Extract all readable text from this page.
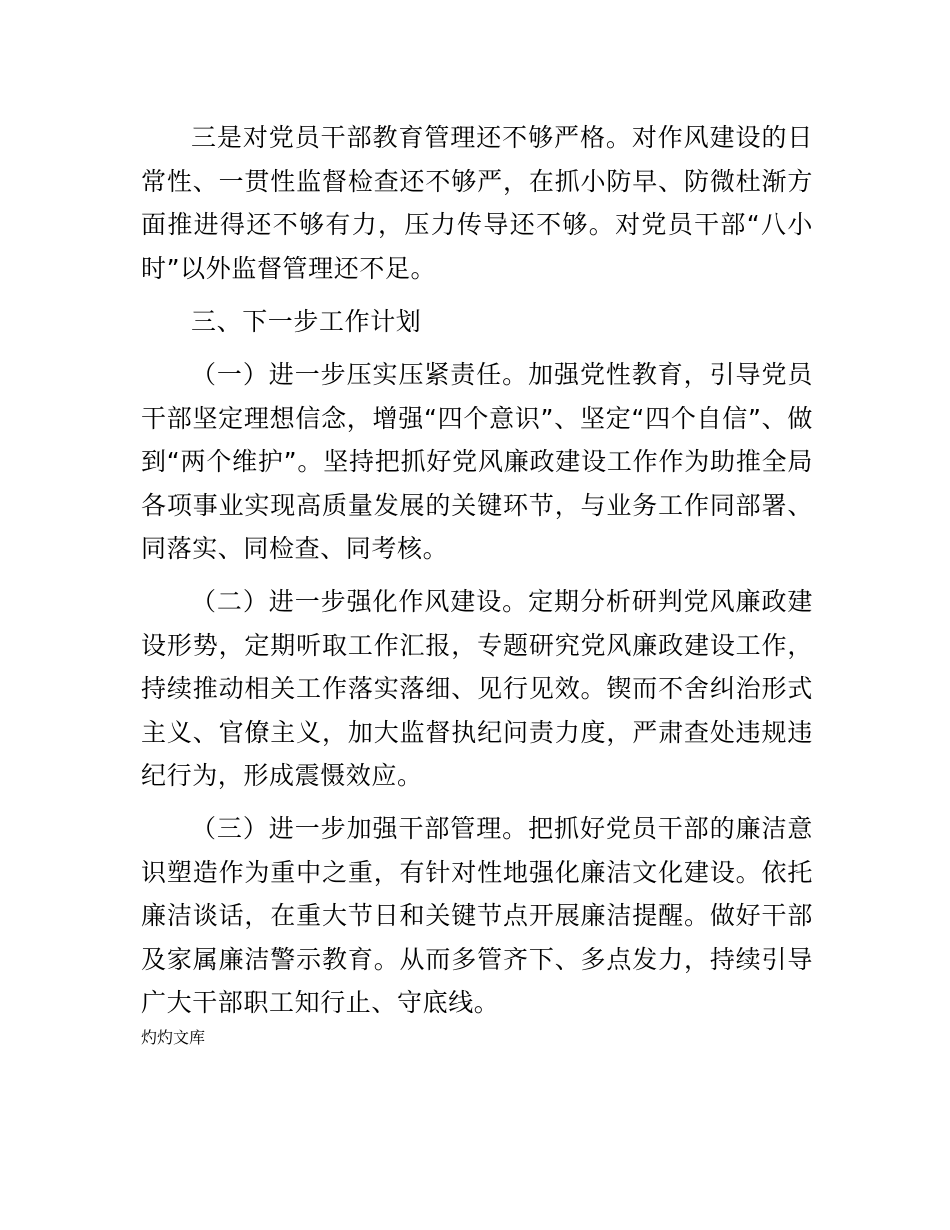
三是对党员干部教育管理还不够严格。对作风建设的日常性、一贯性监督检查还不够严，在抓小防早、防微杜渐方面推进得还不够有力，压力传导还不够。对党员干部“八小时”以外监督管理还不足。

三、下一步工作计划

（一）进一步压实压紧责任。加强党性教育，引导党员干部坚定理想信念，增强“四个意识”、坚定“四个自信”、做到“两个维护”。坚持把抓好党风廉政建设工作作为助推全局各项事业实现高质量发展的关键环节，与业务工作同部署、同落实、同检查、同考核。

（二）进一步强化作风建设。定期分析研判党风廉政建设形势，定期听取工作汇报，专题研究党风廉政建设工作，持续推动相关工作落实落细、见行见效。锲而不舍纠治形式主义、官僚主义，加大监督执纪问责力度，严肃查处违规违纪行为，形成震慑效应。

（三）进一步加强干部管理。把抓好党员干部的廉洁意识塑造作为重中之重，有针对性地强化廉洁文化建设。依托廉洁谈话，在重大节日和关键节点开展廉洁提醒。做好干部及家属廉洁警示教育。从而多管齐下、多点发力，持续引导广大干部职工知行止、守底线。

灼灼文库
